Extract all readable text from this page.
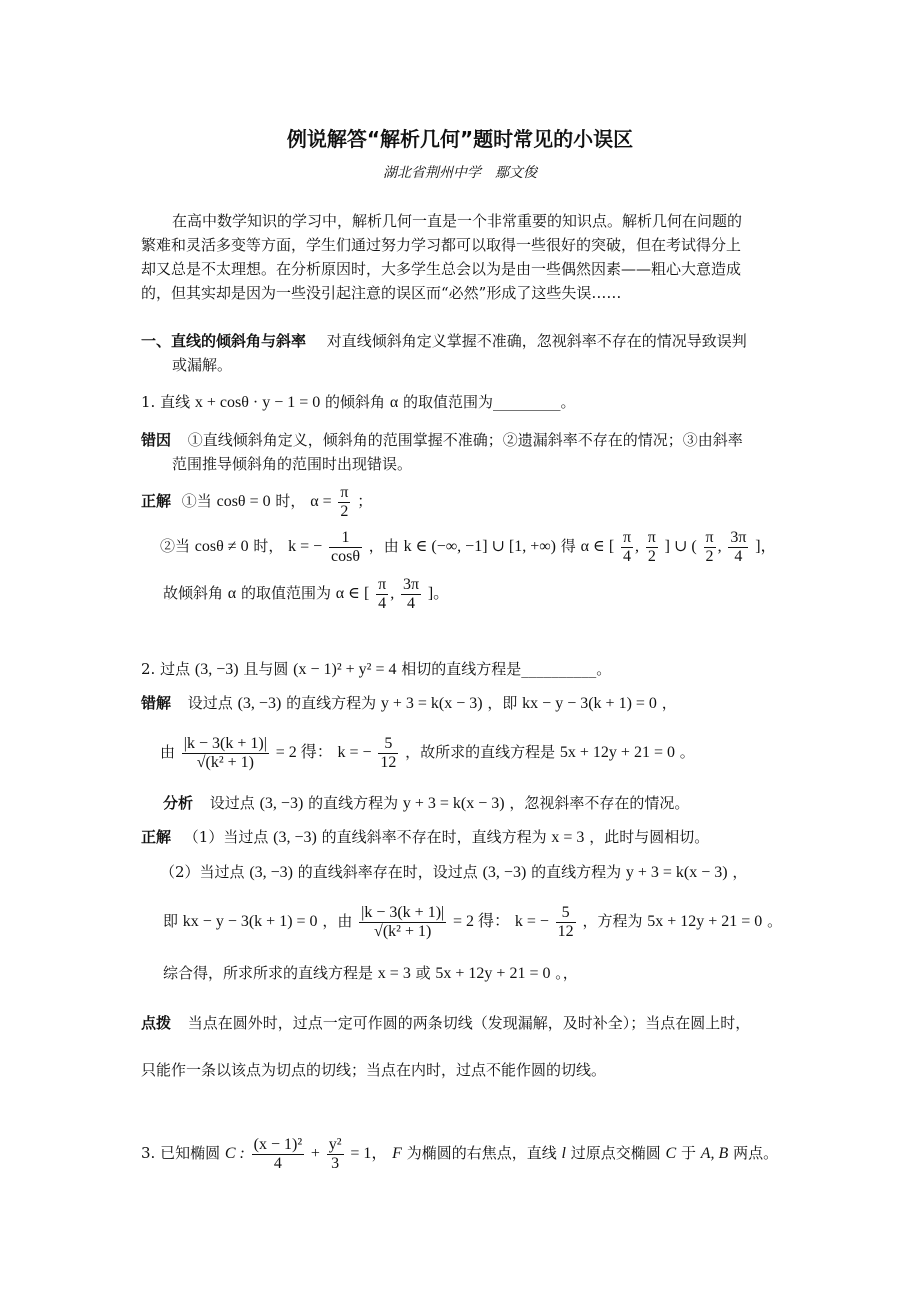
例说解答“解析几何”题时常见的小误区
湖北省荆州中学　鄢文俊
在高中数学知识的学习中，解析几何一直是一个非常重要的知识点。解析几何在问题的
繁难和灵活多变等方面，学生们通过努力学习都可以取得一些很好的突破，但在考试得分上
却又总是不太理想。在分析原因时，大多学生总会以为是由一些偶然因素——粗心大意造成
的，但其实却是因为一些没引起注意的误区而“必然”形成了这些失误……
一、直线的倾斜角与斜率 对直线倾斜角定义掌握不准确，忽视斜率不存在的情况导致误判
或漏解。
1. 直线 x + cosθ · y − 1 = 0 的倾斜角 α 的取值范围为_________。
错因 ①直线倾斜角定义，倾斜角的范围掌握不准确；②遗漏斜率不存在的情况；③由斜率
范围推导倾斜角的范围时出现错误。
正解 ①当 cosθ = 0 时， $\alpha = \frac{\pi}{2}$ ；
②当 cosθ ≠ 0 时， k = − $\frac{1}{\cos\theta}$ ，由 k ∈ (−∞, −1] ∪ [1, +∞) 得 α ∈ [ $\frac{\pi}{4}$ , $\frac{\pi}{2}$ ] ∪ ( $\frac{\pi}{2}$ , $\frac{3\pi}{4}$ ]，
故倾斜角 α 的取值范围为 α ∈ [ $\frac{\pi}{4}$ , $\frac{3\pi}{4}$ ]。
2. 过点 (3, −3) 且与圆 (x − 1)² + y² = 4 相切的直线方程是__________。
错解 设过点 (3, −3) 的直线方程为 y + 3 = k(x − 3) ，即 kx − y − 3(k + 1) = 0 ，
由 $\frac{|k - 3(k + 1)|}{\text{√(k² + 1)}} = 2$ 得： k = − $\frac{5}{12}$ ，故所求的直线方程是 5x + 12y + 21 = 0 。
分析 设过点 (3, −3) 的直线方程为 y + 3 = k(x − 3) ，忽视斜率不存在的情况。
正解 （1）当过点 (3, −3) 的直线斜率不存在时，直线方程为 x = 3 ，此时与圆相切。
（2）当过点 (3, −3) 的直线斜率存在时，设过点 (3, −3) 的直线方程为 y + 3 = k(x − 3) ，
即 kx − y − 3(k + 1) = 0 ，由 $\frac{|k - 3(k + 1)|}{\text{√(k² + 1)}} = 2$ 得： k = − $\frac{5}{12}$ ，方程为 5x + 12y + 21 = 0 。
综合得，所求所求的直线方程是 x = 3 或 5x + 12y + 21 = 0 。，
点拨 当点在圆外时，过点一定可作圆的两条切线（发现漏解，及时补全）；当点在圆上时，
只能作一条以该点为切点的切线；当点在内时，过点不能作圆的切线。
3. 已知椭圆 C : $\frac{\text{(x − 1)²}}{4} + \frac{\text{y²}}{3} = 1$， F 为椭圆的右焦点，直线 l 过原点交椭圆 C 于 A, B 两点。
